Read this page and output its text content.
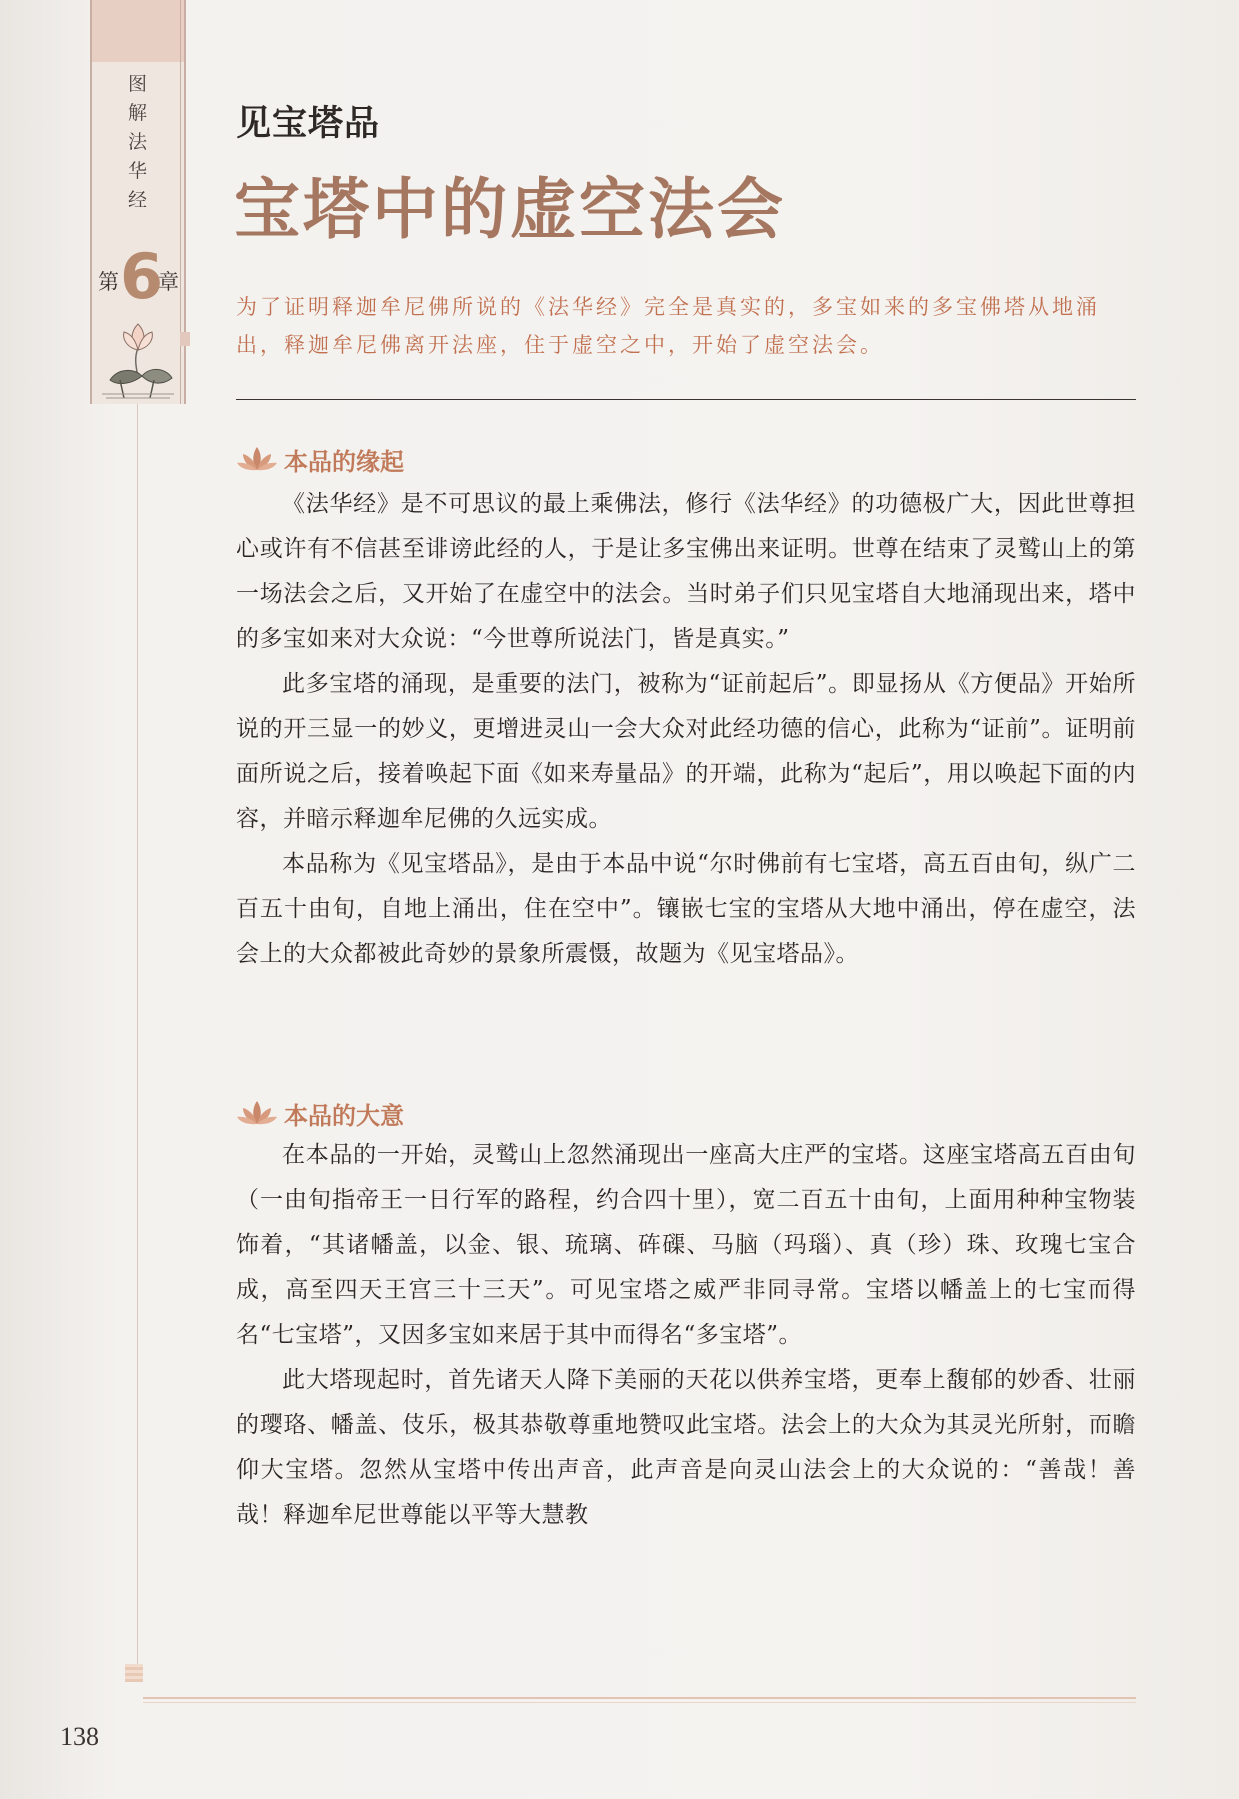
图
解
法
华
经
第 6
章
见宝塔品
宝塔中的虚空法会
为了证明释迦牟尼佛所说的《法华经》完全是真实的，多宝如来的多宝佛塔从地涌出，释迦牟尼佛离开法座，住于虚空之中，开始了虚空法会。
本品的缘起

《法华经》是不可思议的最上乘佛法，修行《法华经》的功德极广大，因此世尊担心或许有不信甚至诽谤此经的人，于是让多宝佛出来证明。世尊在结束了灵鹫山上的第一场法会之后，又开始了在虚空中的法会。当时弟子们只见宝塔自大地涌现出来，塔中的多宝如来对大众说：“今世尊所说法门，皆是真实。”

此多宝塔的涌现，是重要的法门，被称为“证前起后”。即显扬从《方便品》开始所说的开三显一的妙义，更增进灵山一会大众对此经功德的信心，此称为“证前”。证明前面所说之后，接着唤起下面《如来寿量品》的开端，此称为“起后”，用以唤起下面的内容，并暗示释迦牟尼佛的久远实成。

本品称为《见宝塔品》，是由于本品中说“尔时佛前有七宝塔，高五百由旬，纵广二百五十由旬，自地上涌出，住在空中”。镶嵌七宝的宝塔从大地中涌出，停在虚空，法会上的大众都被此奇妙的景象所震慑，故题为《见宝塔品》。

本品的大意

在本品的一开始，灵鹫山上忽然涌现出一座高大庄严的宝塔。这座宝塔高五百由旬（一由旬指帝王一日行军的路程，约合四十里），宽二百五十由旬，上面用种种宝物装饰着，“其诸幡盖，以金、银、琉璃、砗磲、马脑（玛瑙）、真（珍）珠、玫瑰七宝合成，高至四天王宫三十三天”。可见宝塔之威严非同寻常。宝塔以幡盖上的七宝而得名“七宝塔”，又因多宝如来居于其中而得名“多宝塔”。

此大塔现起时，首先诸天人降下美丽的天花以供养宝塔，更奉上馥郁的妙香、壮丽的璎珞、幡盖、伎乐，极其恭敬尊重地赞叹此宝塔。法会上的大众为其灵光所射，而瞻仰大宝塔。忽然从宝塔中传出声音，此声音是向灵山法会上的大众说的：“善哉！善哉！释迦牟尼世尊能以平等大慧教

138
